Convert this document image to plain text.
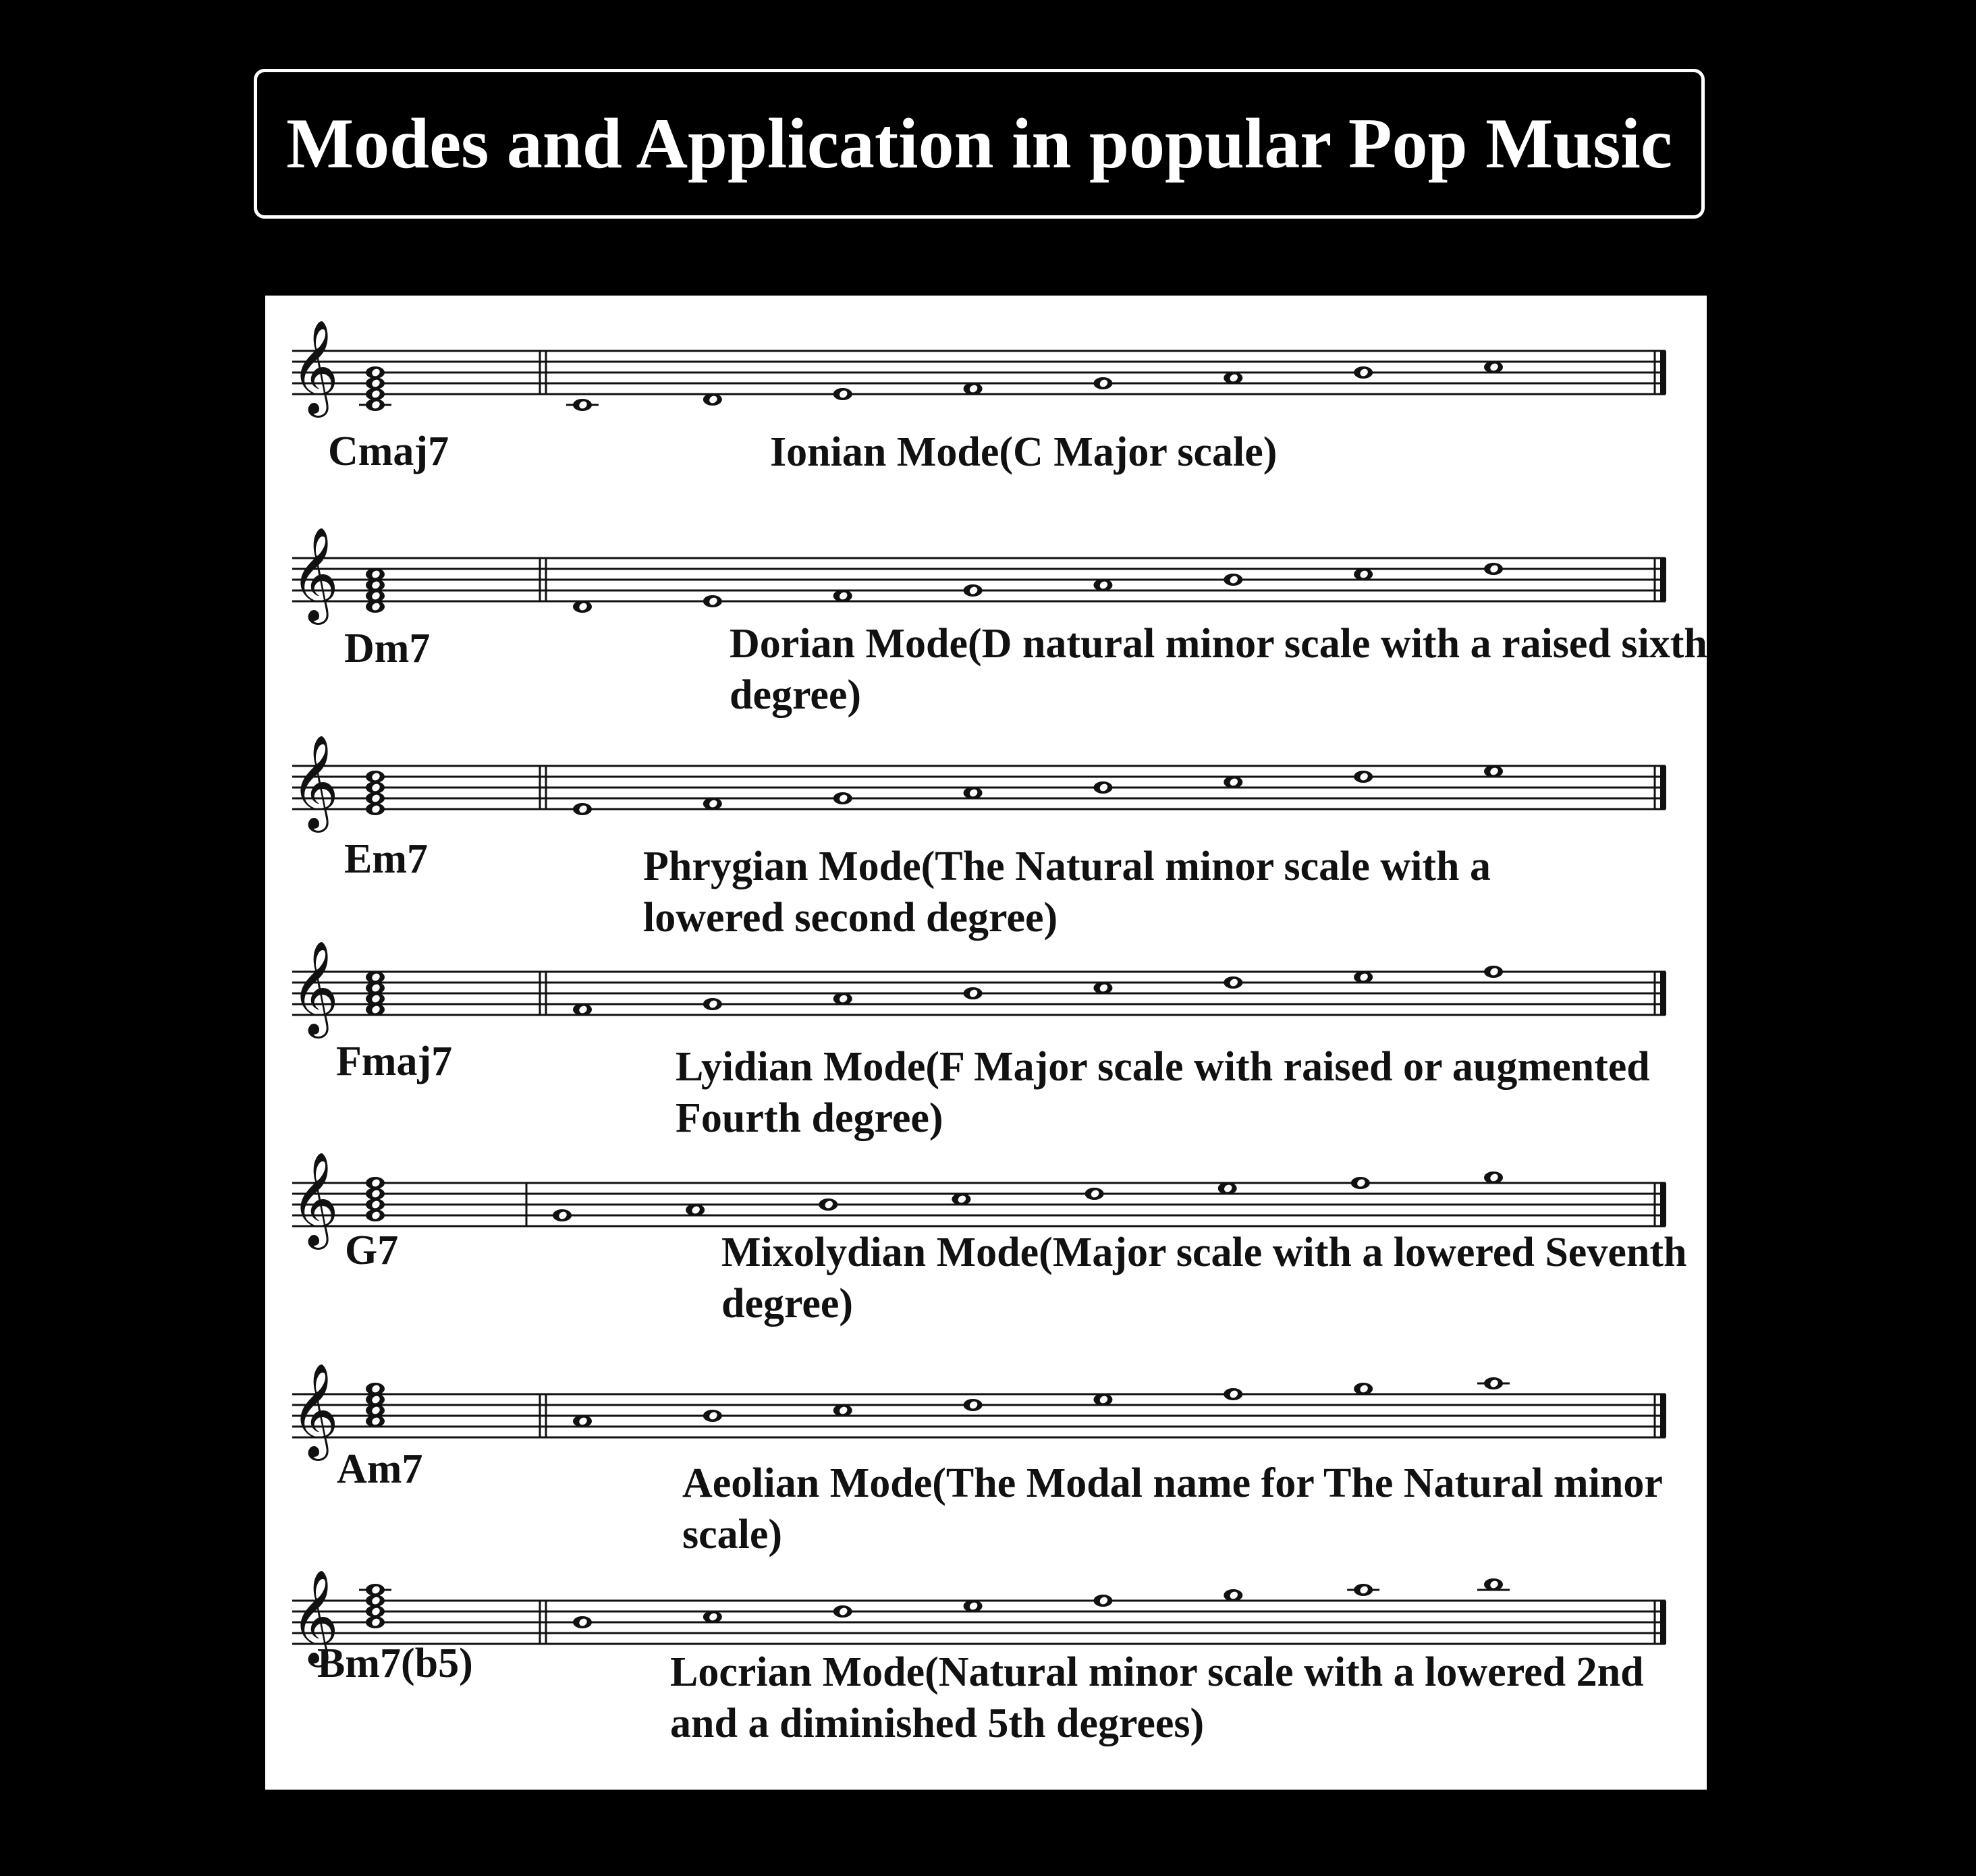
Modes and Application in popular Pop Music
𝄞
Cmaj7	Ionian Mode(C Major scale)
𝄞
Dm7	Dorian Mode(D natural minor scale with a raised sixth degree)
𝄞
Em7	Phrygian Mode(The Natural minor scale with a lowered second degree)
𝄞
Fmaj7	Lyidian Mode(F Major scale with raised or augmented Fourth degree)
𝄞
G7	Mixolydian Mode(Major scale with a lowered Seventh degree)
𝄞
Am7	Aeolian Mode(The Modal name for The Natural minor scale)
𝄞
Bm7(b5)	Locrian Mode(Natural minor scale with a lowered 2nd and a diminished 5th degrees)
